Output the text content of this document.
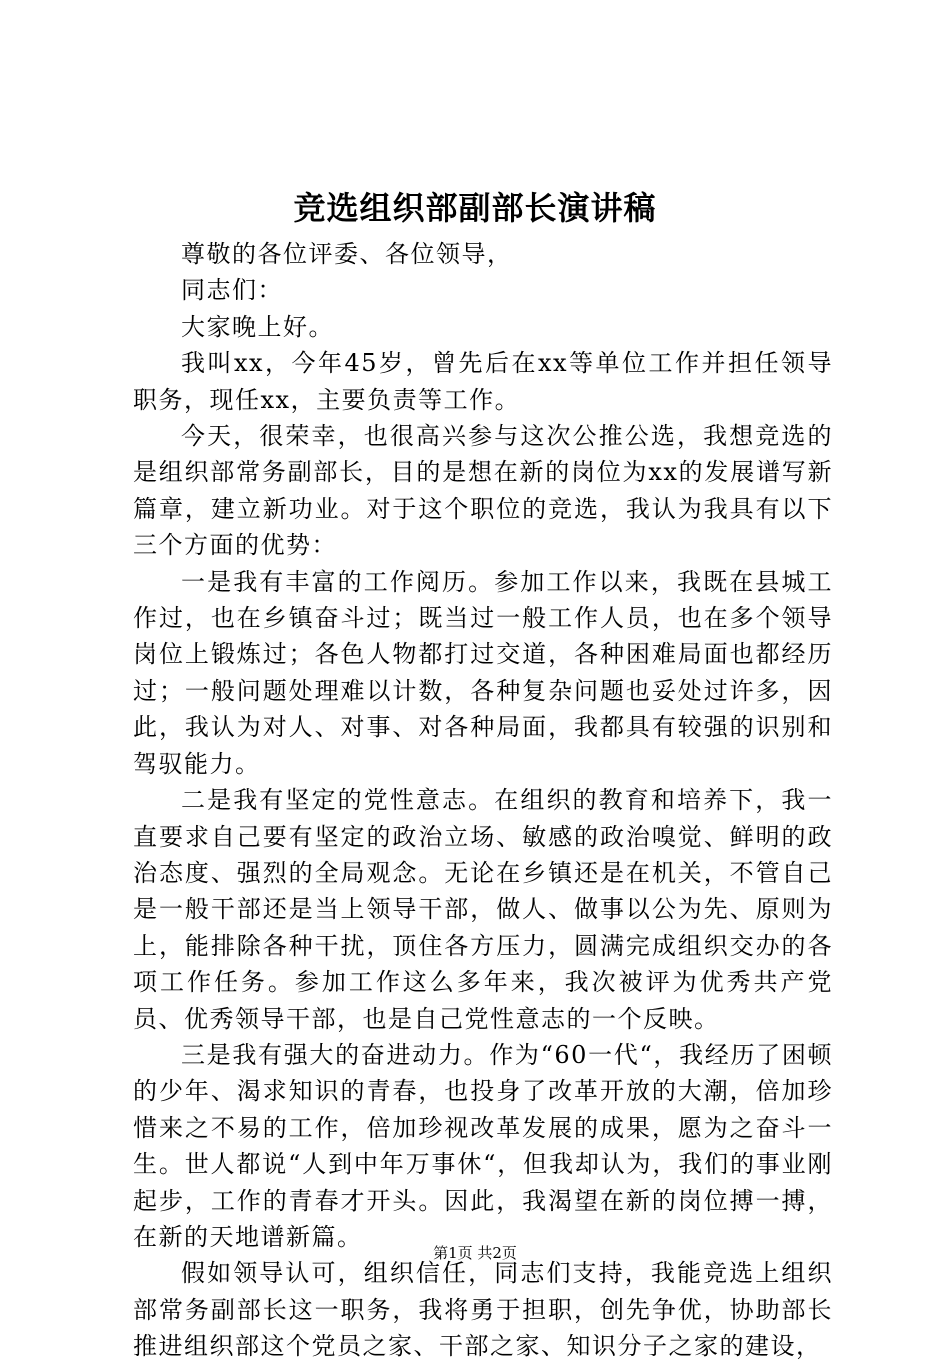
竞选组织部副部长演讲稿

尊敬的各位评委、各位领导，

同志们：

大家晚上好。

我叫xx，今年45岁，曾先后在xx等单位工作并担任领导职务，现任xx，主要负责等工作。

今天，很荣幸，也很高兴参与这次公推公选，我想竞选的是组织部常务副部长，目的是想在新的岗位为xx的发展谱写新篇章，建立新功业。对于这个职位的竞选，我认为我具有以下三个方面的优势：

一是我有丰富的工作阅历。参加工作以来，我既在县城工作过，也在乡镇奋斗过；既当过一般工作人员，也在多个领导岗位上锻炼过；各色人物都打过交道，各种困难局面也都经历过；一般问题处理难以计数，各种复杂问题也妥处过许多，因此，我认为对人、对事、对各种局面，我都具有较强的识别和驾驭能力。

二是我有坚定的党性意志。在组织的教育和培养下，我一直要求自己要有坚定的政治立场、敏感的政治嗅觉、鲜明的政治态度、强烈的全局观念。无论在乡镇还是在机关，不管自己是一般干部还是当上领导干部，做人、做事以公为先、原则为上，能排除各种干扰，顶住各方压力，圆满完成组织交办的各项工作任务。参加工作这么多年来，我次被评为优秀共产党员、优秀领导干部，也是自己党性意志的一个反映。

三是我有强大的奋进动力。作为“60一代“，我经历了困顿的少年、渴求知识的青春，也投身了改革开放的大潮，倍加珍惜来之不易的工作，倍加珍视改革发展的成果，愿为之奋斗一生。世人都说“人到中年万事休“，但我却认为，我们的事业刚起步，工作的青春才开头。因此，我渴望在新的岗位搏一搏，在新的天地谱新篇。

假如领导认可，组织信任，同志们支持，我能竞选上组织部常务副部长这一职务，我将勇于担职，创先争优，协助部长推进组织部这个党员之家、干部之家、知识分子之家的建设，

第1页 共2页
